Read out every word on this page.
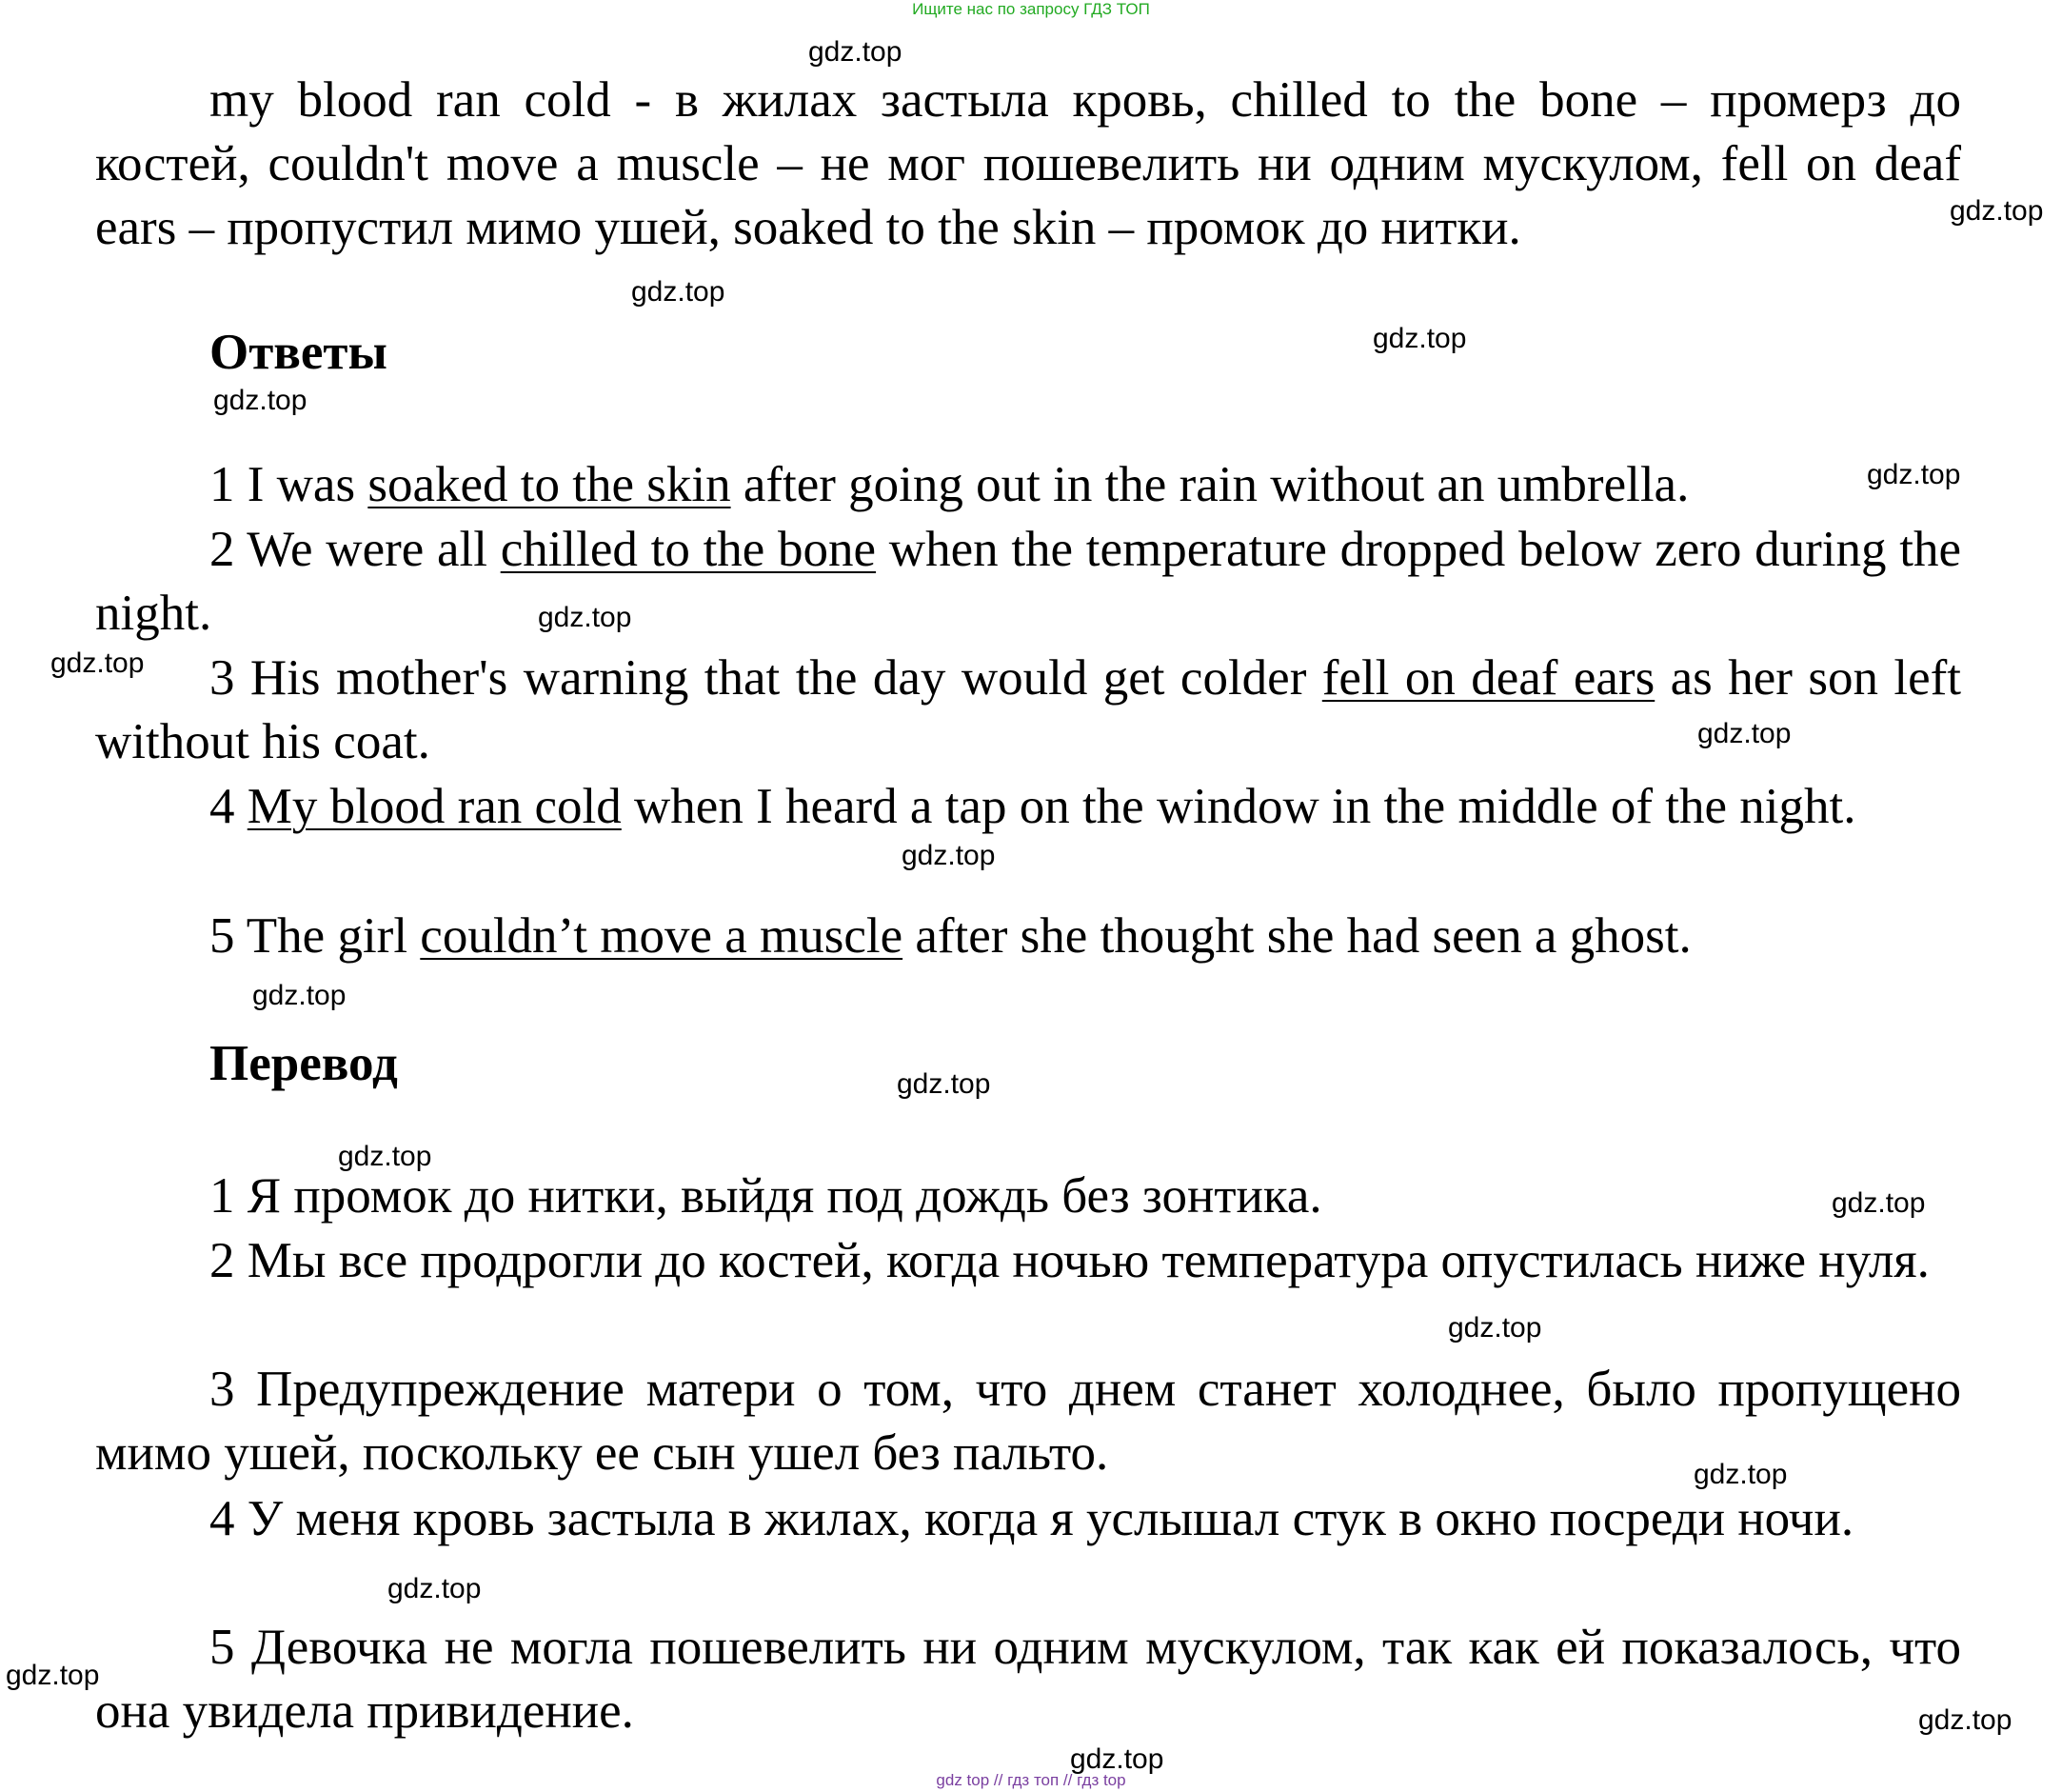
Ищите нас по запросу ГДЗ ТОП

my blood ran cold - в жилах застыла кровь, chilled to the bone – промерз до костей, couldn't move a muscle – не мог пошевелить ни одним мускулом, fell on deaf ears – пропустил мимо ушей, soaked to the skin – промок до нитки.

Ответы

1 I was soaked to the skin after going out in the rain without an umbrella.

2 We were all chilled to the bone when the temperature dropped below zero during the night.

3 His mother's warning that the day would get colder fell on deaf ears as her son left without his coat.

4 My blood ran cold when I heard a tap on the window in the middle of the night.

5 The girl couldn’t move a muscle after she thought she had seen a ghost.

Перевод

1 Я промок до нитки, выйдя под дождь без зонтика.

2 Мы все продрогли до костей, когда ночью температура опустилась ниже нуля.

3 Предупреждение матери о том, что днем станет холоднее, было пропущено мимо ушей, поскольку ее сын ушел без пальто.

4 У меня кровь застыла в жилах, когда я услышал стук в окно посреди ночи.

5 Девочка не могла пошевелить ни одним мускулом, так как ей показалось, что она увидела привидение.

gdz.top
gdz.top
gdz.top
gdz.top
gdz.top
gdz.top
gdz.top
gdz.top
gdz.top
gdz.top
gdz.top
gdz.top
gdz.top
gdz.top
gdz.top
gdz.top
gdz.top
gdz.top
gdz.top
gdz.top
gdz top // гдз топ // гдз top
